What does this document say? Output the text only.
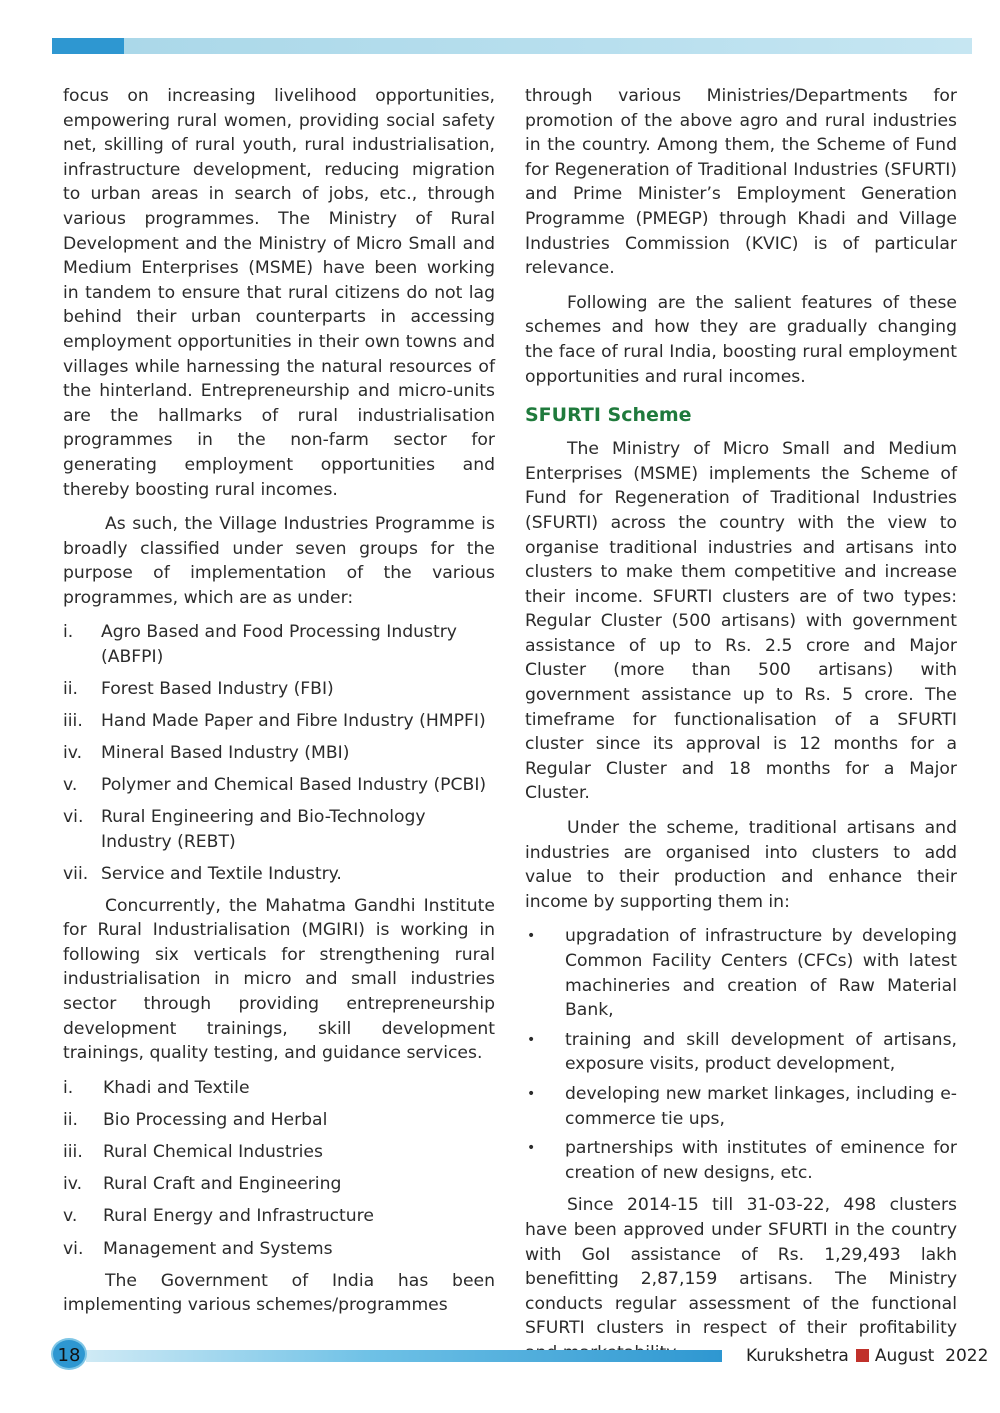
focus on increasing livelihood opportunities, empowering rural women, providing social safety net, skilling of rural youth, rural industrialisation, infrastructure development, reducing migration to urban areas in search of jobs, etc., through various programmes. The Ministry of Rural Development and the Ministry of Micro Small and Medium Enterprises (MSME) have been working in tandem to ensure that rural citizens do not lag behind their urban counterparts in accessing employment opportunities in their own towns and villages while harnessing the natural resources of the hinterland. Entrepreneurship and micro-units are the hallmarks of rural industrialisation programmes in the non-farm sector for generating employment opportunities and thereby boosting rural incomes.

As such, the Village Industries Programme is broadly classified under seven groups for the purpose of implementation of the various programmes, which are as under:

i.	Agro Based and Food Processing Industry (ABFPI)
ii.	Forest Based Industry (FBI)
iii.	Hand Made Paper and Fibre Industry (HMPFI)
iv.	Mineral Based Industry (MBI)
v.	Polymer and Chemical Based Industry (PCBI)
vi.	Rural Engineering and Bio-Technology Industry (REBT)
vii. Service and Textile Industry.

Concurrently, the Mahatma Gandhi Institute for Rural Industrialisation (MGIRI) is working in following six verticals for strengthening rural industrialisation in micro and small industries sector through providing entrepreneurship development trainings, skill development trainings, quality testing, and guidance services.

i.	Khadi and Textile
ii.	Bio Processing and Herbal
iii.	Rural Chemical Industries
iv.	Rural Craft and Engineering
v.	Rural Energy and Infrastructure
vi.	Management and Systems

The Government of India has been implementing various schemes/programmes

through various Ministries/Departments for promotion of the above agro and rural industries in the country. Among them, the Scheme of Fund for Regeneration of Traditional Industries (SFURTI) and Prime Minister’s Employment Generation Programme (PMEGP) through Khadi and Village Industries Commission (KVIC) is of particular relevance.

Following are the salient features of these schemes and how they are gradually changing the face of rural India, boosting rural employment opportunities and rural incomes.

SFURTI Scheme

The Ministry of Micro Small and Medium Enterprises (MSME) implements the Scheme of Fund for Regeneration of Traditional Industries (SFURTI) across the country with the view to organise traditional industries and artisans into clusters to make them competitive and increase their income. SFURTI clusters are of two types: Regular Cluster (500 artisans) with government assistance of up to Rs. 2.5 crore and Major Cluster (more than 500 artisans) with government assistance up to Rs. 5 crore. The timeframe for functionalisation of a SFURTI cluster since its approval is 12 months for a Regular Cluster and 18 months for a Major Cluster.

Under the scheme, traditional artisans and industries are organised into clusters to add value to their production and enhance their income by supporting them in:

•	upgradation of infrastructure by developing Common Facility Centers (CFCs) with latest machineries and creation of Raw Material Bank,
•	training and skill development of artisans, exposure visits, product development,
•	developing new market linkages, including e-commerce tie ups,
•	partnerships with institutes of eminence for creation of new designs, etc.

Since 2014-15 till 31-03-22, 498 clusters have been approved under SFURTI in the country with GoI assistance of Rs. 1,29,493 lakh benefitting 2,87,159 artisans. The Ministry conducts regular assessment of the functional SFURTI clusters in respect of their profitability

18	Kurukshetra August  2022
